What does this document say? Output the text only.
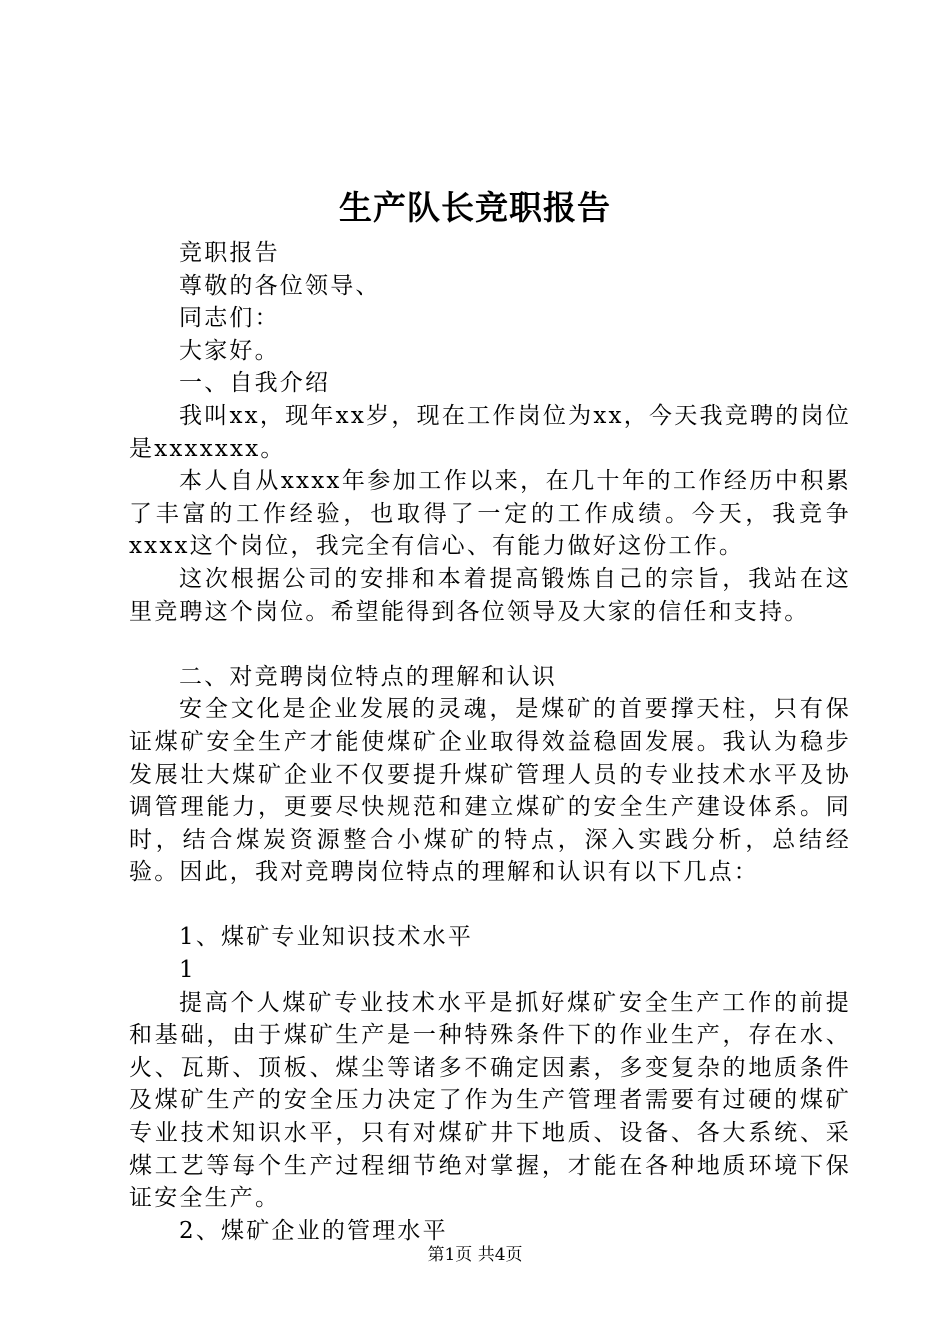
生产队长竞职报告

竞职报告

尊敬的各位领导、

同志们：

大家好。

一、自我介绍

我叫xx，现年xx岁，现在工作岗位为xx，今天我竞聘的岗位是xxxxxxx。

本人自从xxxx年参加工作以来，在几十年的工作经历中积累了丰富的工作经验，也取得了一定的工作成绩。今天，我竞争xxxx这个岗位，我完全有信心、有能力做好这份工作。

这次根据公司的安排和本着提高锻炼自己的宗旨，我站在这里竞聘这个岗位。希望能得到各位领导及大家的信任和支持。

二、对竞聘岗位特点的理解和认识

安全文化是企业发展的灵魂，是煤矿的首要撑天柱，只有保证煤矿安全生产才能使煤矿企业取得效益稳固发展。我认为稳步发展壮大煤矿企业不仅要提升煤矿管理人员的专业技术水平及协调管理能力，更要尽快规范和建立煤矿的安全生产建设体系。同时，结合煤炭资源整合小煤矿的特点，深入实践分析，总结经验。因此，我对竞聘岗位特点的理解和认识有以下几点：

1、煤矿专业知识技术水平

1

提高个人煤矿专业技术水平是抓好煤矿安全生产工作的前提和基础，由于煤矿生产是一种特殊条件下的作业生产，存在水、火、瓦斯、顶板、煤尘等诸多不确定因素，多变复杂的地质条件及煤矿生产的安全压力决定了作为生产管理者需要有过硬的煤矿专业技术知识水平，只有对煤矿井下地质、设备、各大系统、采煤工艺等每个生产过程细节绝对掌握，才能在各种地质环境下保证安全生产。

2、煤矿企业的管理水平

第1页 共4页
